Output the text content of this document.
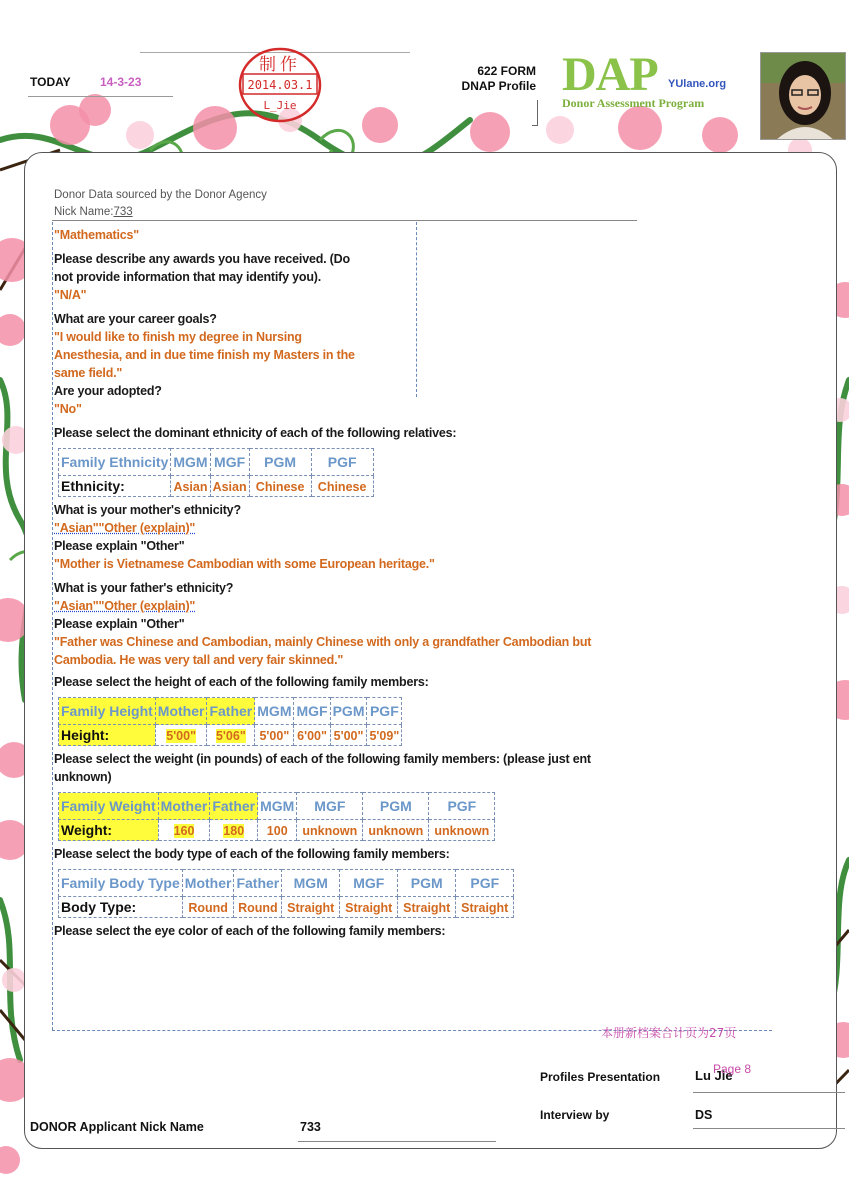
TODAY 14-3-23
制作
2014.03.1
L_Jie
622 FORM
DNAP Profile DAP YUlane.org
Donor Assessment Program
Donor Data sourced by the Donor Agency
Nick Name:733
"Mathematics"
Please describe any awards you have received. (Do
not provide information that may identify you).
"N/A"
What are your career goals?
"I would like to finish my degree in Nursing
Anesthesia, and in due time finish my Masters in the
same field."
Are your adopted?
"No"
Please select the dominant ethnicity of each of the following relatives:
Family Ethnicity	MGM	MGF	PGM	PGF
Ethnicity:	Asian	Asian	Chinese	Chinese
What is your mother's ethnicity?
"Asian""Other (explain)"
Please explain "Other"
"Mother is Vietnamese Cambodian with some European heritage."
What is your father's ethnicity?
"Asian""Other (explain)"
Please explain "Other"
"Father was Chinese and Cambodian, mainly Chinese with only a grandfather Cambodian but
Cambodia. He was very tall and very fair skinned."
Please select the height of each of the following family members:
Family Height	Mother	Father	MGM	MGF	PGM	PGF
Height:	5'00"	5'06"	5'00"	6'00"	5'00"	5'09"
Please select the weight (in pounds) of each of the following family members: (please just ent
unknown)
Family Weight	Mother	Father	MGM	MGF	PGM	PGF
Weight:	160	180	100	unknown	unknown	unknown
Please select the body type of each of the following family members:
Family Body Type	Mother	Father	MGM	MGF	PGM	PGF
Body Type:	Round	Round	Straight	Straight	Straight	Straight
Please select the eye color of each of the following family members:
本册新档案合计页为27页
Page 8
Profiles Presentation	Lu Jie
Interview by	DS
DONOR Applicant Nick Name	733
